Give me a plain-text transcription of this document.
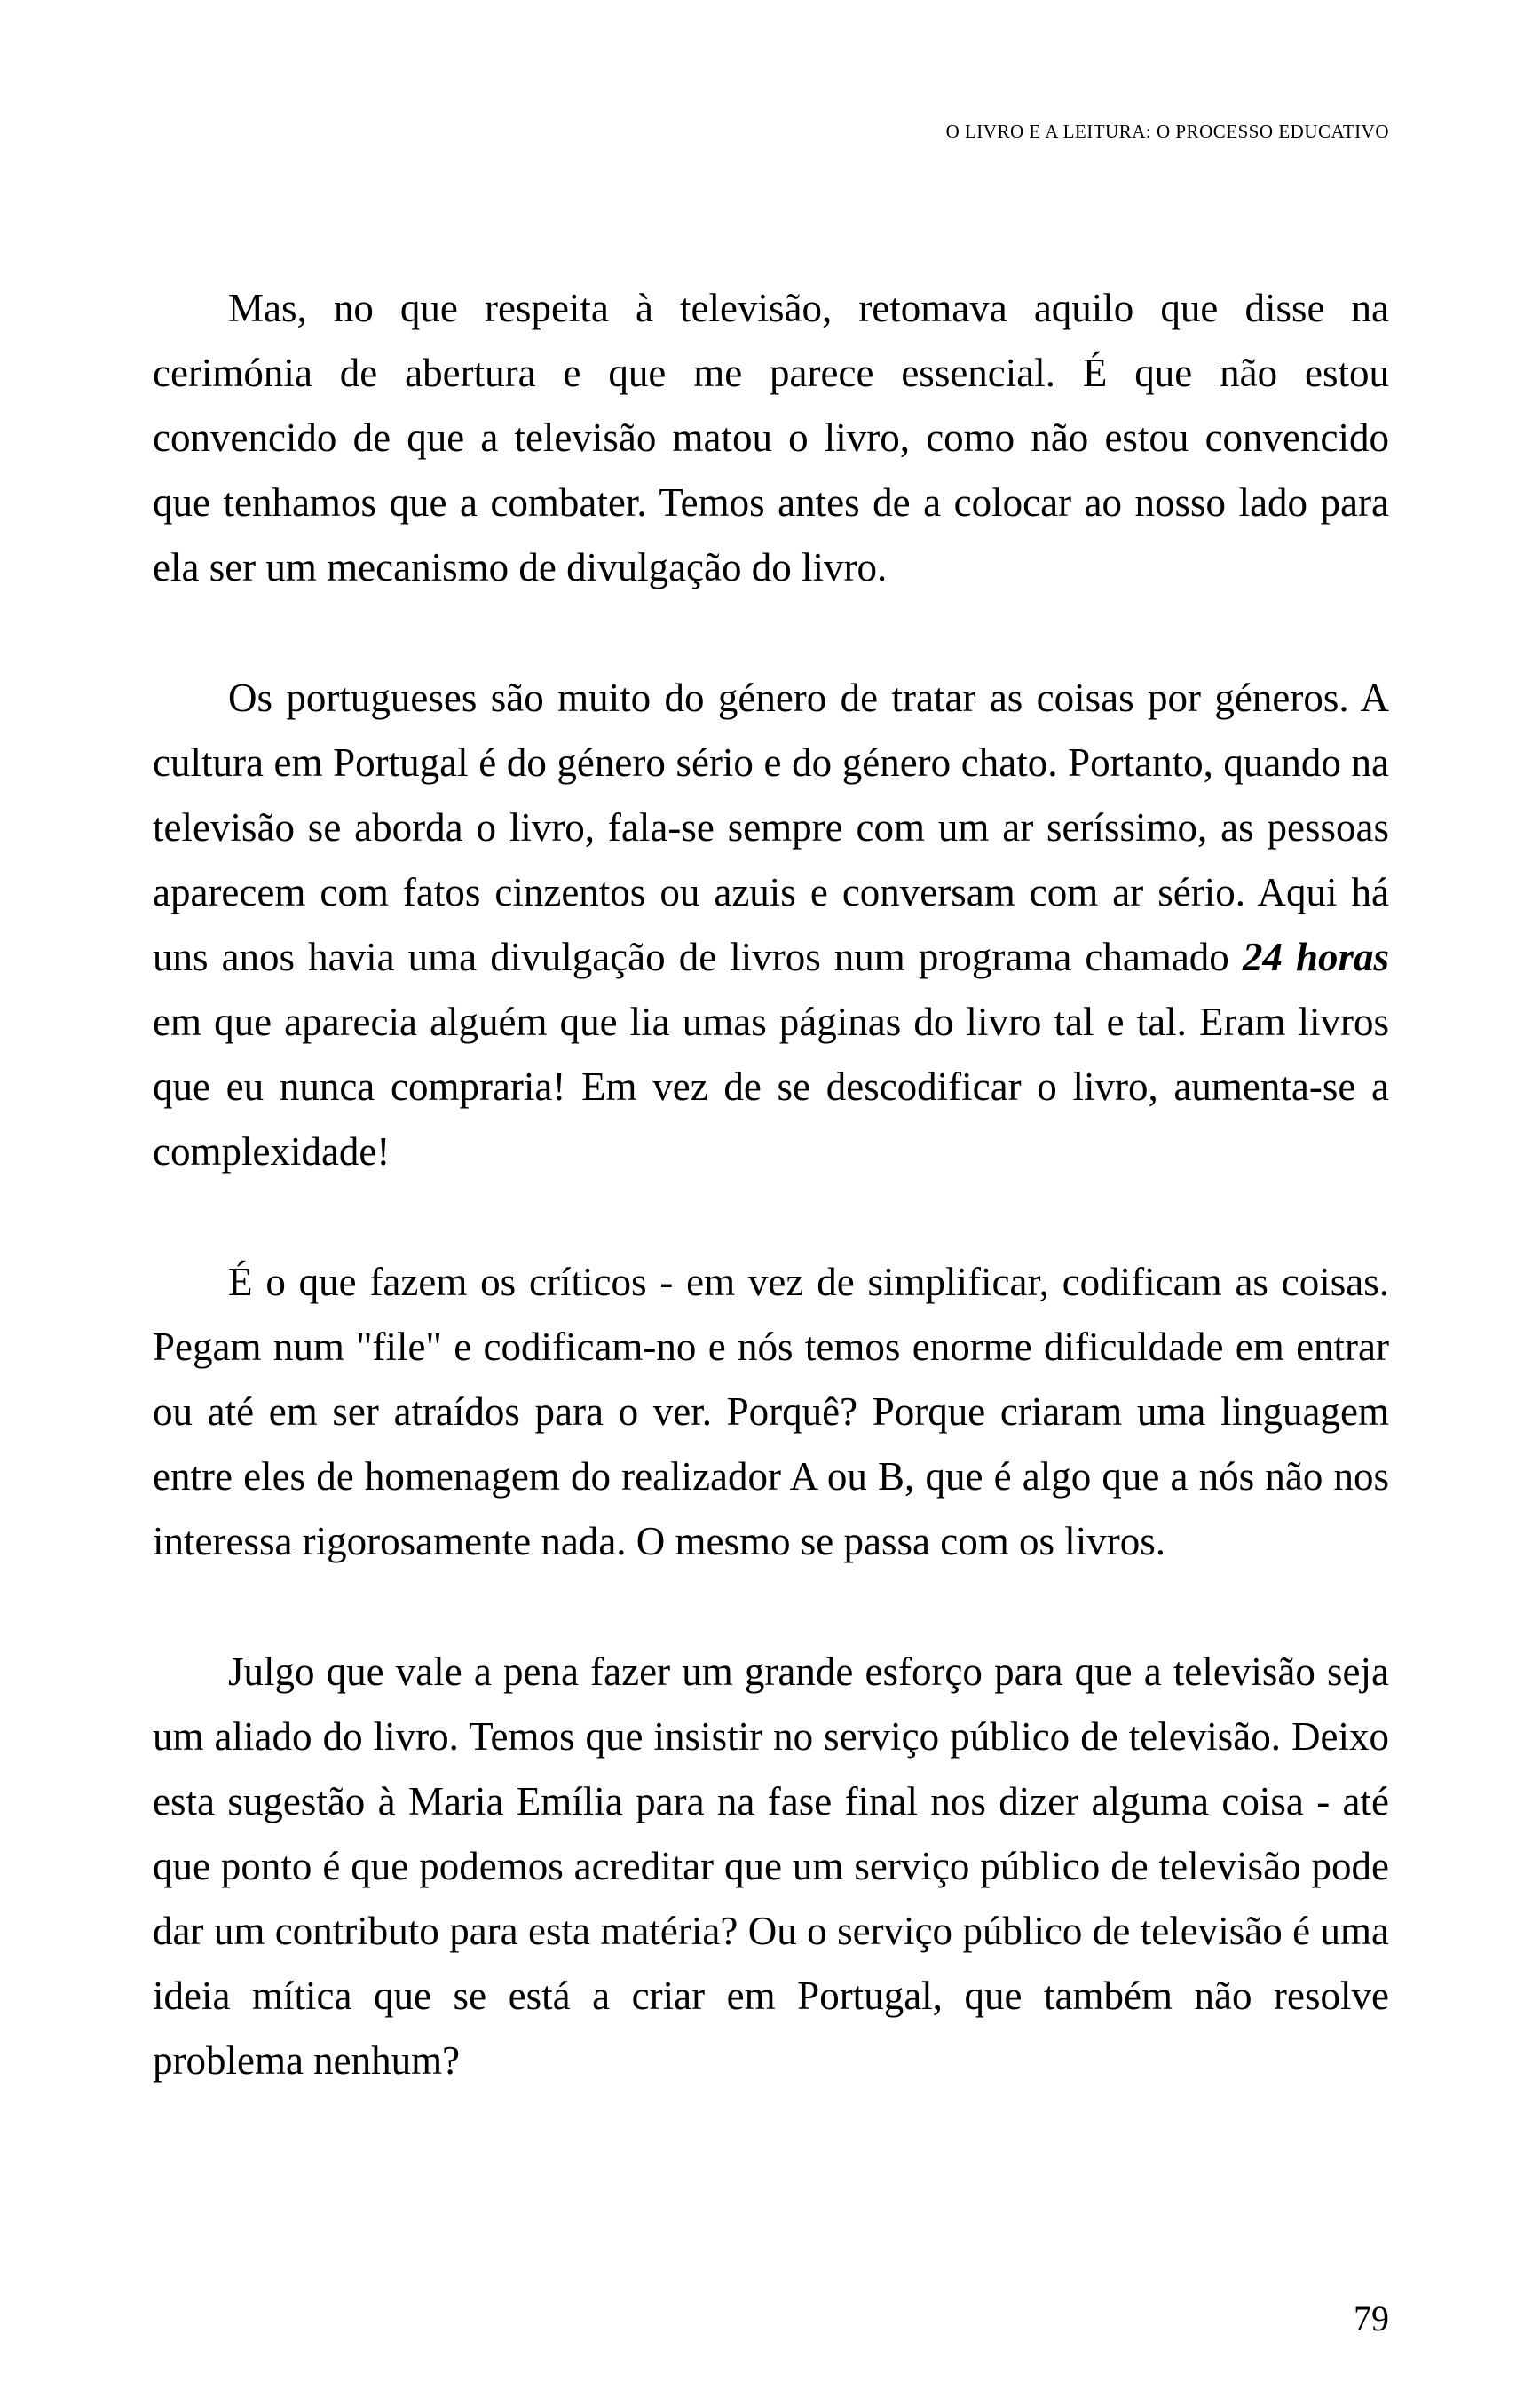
O LIVRO E A LEITURA: O PROCESSO EDUCATIVO

Mas, no que respeita à televisão, retomava aquilo que disse na cerimónia de abertura e que me parece essencial. É que não estou convencido de que a televisão matou o livro, como não estou convencido que tenhamos que a combater. Temos antes de a colocar ao nosso lado para ela ser um mecanismo de divulgação do livro.

Os portugueses são muito do género de tratar as coisas por géneros. A cultura em Portugal é do género sério e do género chato. Portanto, quando na televisão se aborda o livro, fala-se sempre com um ar seríssimo, as pessoas aparecem com fatos cinzentos ou azuis e conversam com ar sério. Aqui há uns anos havia uma divulgação de livros num programa chamado 24 horas em que aparecia alguém que lia umas páginas do livro tal e tal. Eram livros que eu nunca compraria! Em vez de se descodificar o livro, aumenta-se a complexidade!

É o que fazem os críticos - em vez de simplificar, codificam as coisas. Pegam num "file" e codificam-no e nós temos enorme dificuldade em entrar ou até em ser atraídos para o ver. Porquê? Porque criaram uma linguagem entre eles de homenagem do realizador A ou B, que é algo que a nós não nos interessa rigorosamente nada. O mesmo se passa com os livros.

Julgo que vale a pena fazer um grande esforço para que a televisão seja um aliado do livro. Temos que insistir no serviço público de televisão. Deixo esta sugestão à Maria Emília para na fase final nos dizer alguma coisa - até que ponto é que podemos acreditar que um serviço público de televisão pode dar um contributo para esta matéria? Ou o serviço público de televisão é uma ideia mítica que se está a criar em Portugal, que também não resolve problema nenhum?

79
